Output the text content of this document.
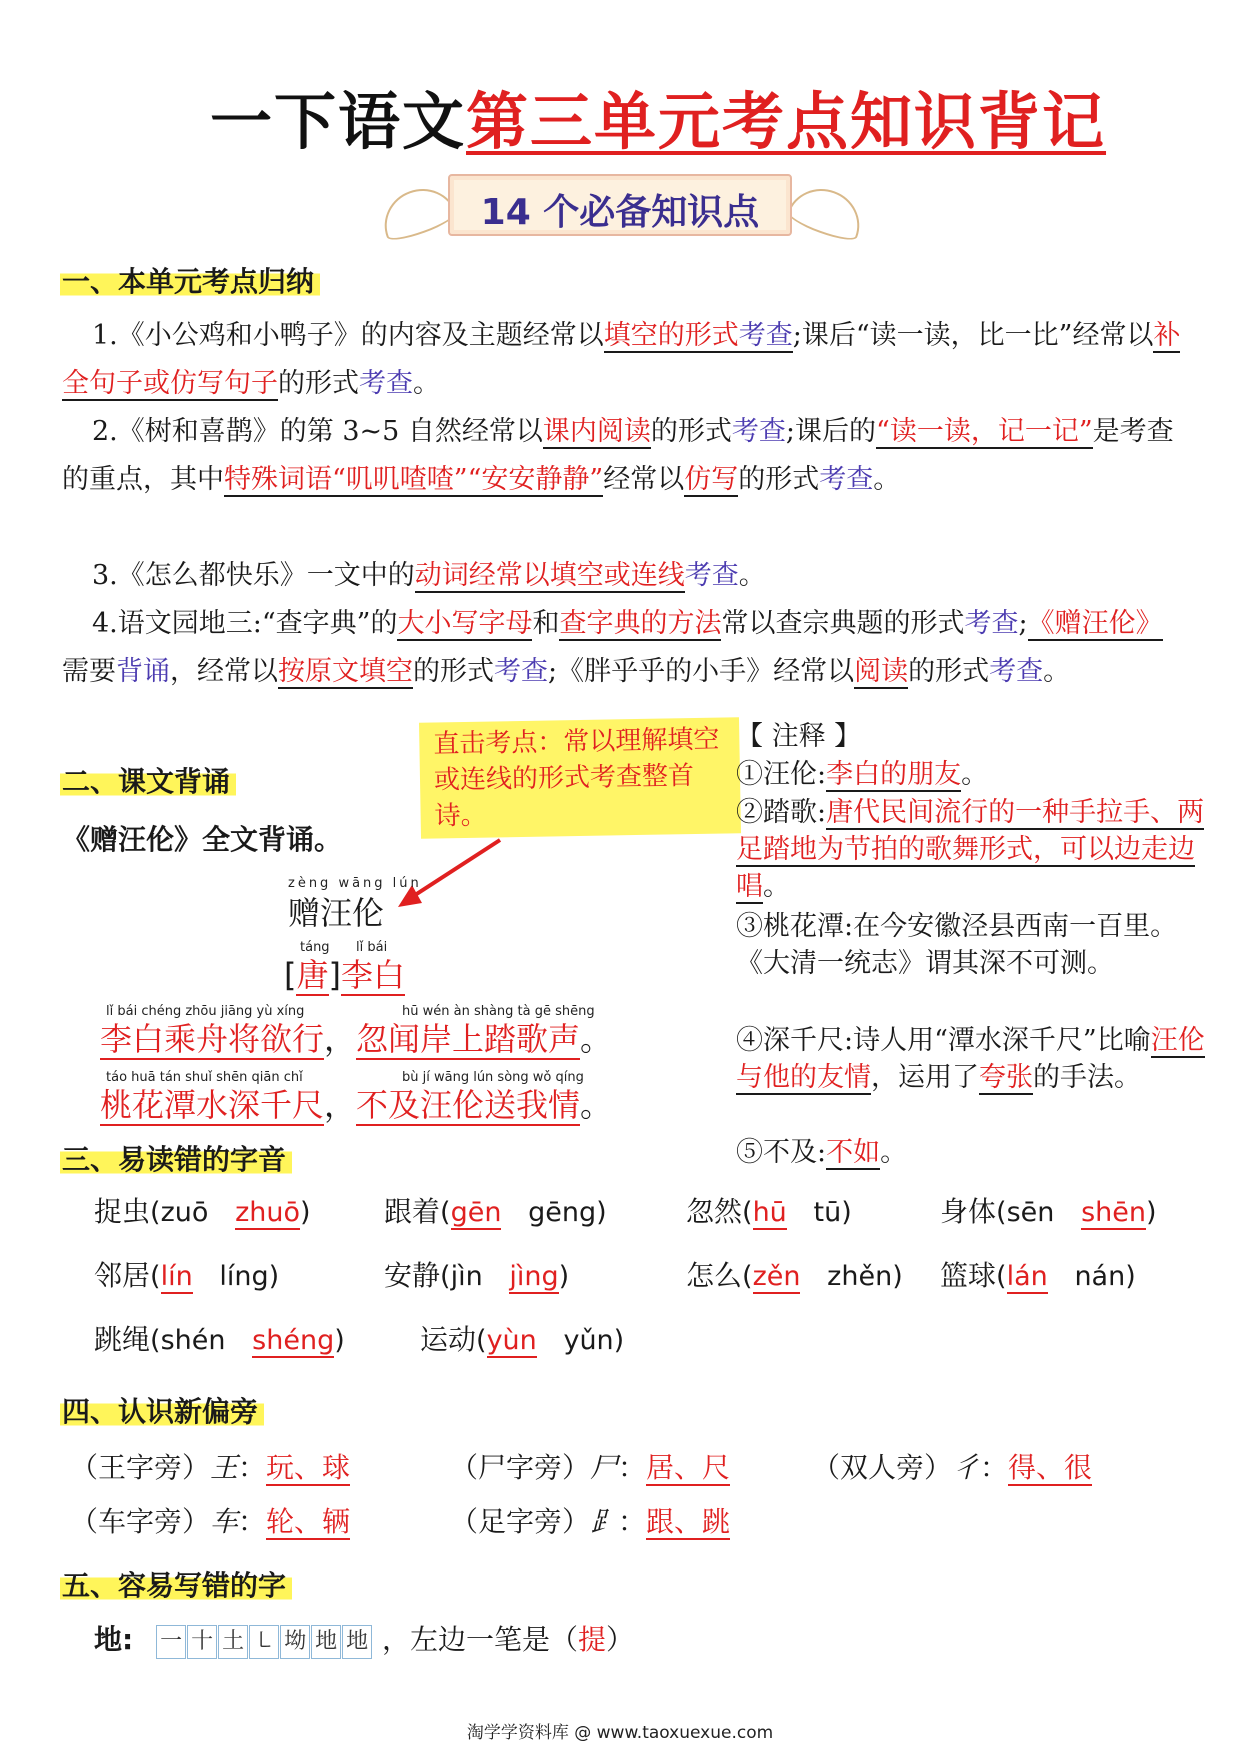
一下语文第三单元考点知识背记
14 个必备知识点
一、本单元考点归纳

1.《小公鸡和小鸭子》的内容及主题经常以填空的形式考查;课后“读一读，比一比”经常以补全句子或仿写句子的形式考查。

2.《树和喜鹊》的第 3~5 自然经常以课内阅读的形式考查;课后的“读一读，记一记”是考查的重点，其中特殊词语“叽叽喳喳”“安安静静”经常以仿写的形式考查。

3.《怎么都快乐》一文中的动词经常以填空或连线考查。

4.语文园地三:“查字典”的大小写字母和查字典的方法常以查宗典题的形式考查;《赠汪伦》需要背诵，经常以按原文填空的形式考查;《胖乎乎的小手》经常以阅读的形式考查。

直击考点：常以理解填空或连线的形式考查整首诗。
二、课文背诵
《赠汪伦》全文背诵。
zèng wāng lún
赠汪伦
táng lǐ bái
[唐]李白
lǐ bái chéng zhōu jiāng yù xíng	hū wén àn shàng tà gē shēng
李白乘舟将欲行，忽闻岸上踏歌声。
táo huā tán shuǐ shēn qiān chǐ	bù jí wāng lún sòng wǒ qíng
桃花潭水深千尺，不及汪伦送我情。
【 注释 】
①汪伦:李白的朋友。
②踏歌:唐代民间流行的一种手拉手、两足踏地为节拍的歌舞形式，可以边走边唱。
③桃花潭:在今安徽泾县西南一百里。《大清一统志》谓其深不可测。
④深千尺:诗人用“潭水深千尺”比喻汪伦与他的友情，运用了夸张的手法。
⑤不及:不如。
三、易读错的字音
捉虫(zuō zhuō)	跟着(gēn gēng)	忽然(hū tū)	身体(sēn shēn)
邻居(lín líng)	安静(jìn jìng)	怎么(zěn zhěn) 篮球(lán nán)
跳绳(shén shéng)	运动(yùn yǔn)
四、认识新偏旁
（王字旁）王：玩、球	（尸字旁）尸：居、尺	（双人旁）彳：得、很
（车字旁）车：轮、辆	（足字旁）⻊：跟、跳
五、容易写错的字
地: 一 十 土 ㇄ 坳 地 地 ，左边一笔是（提）
淘学学资料库 @ www.taoxuexue.com
